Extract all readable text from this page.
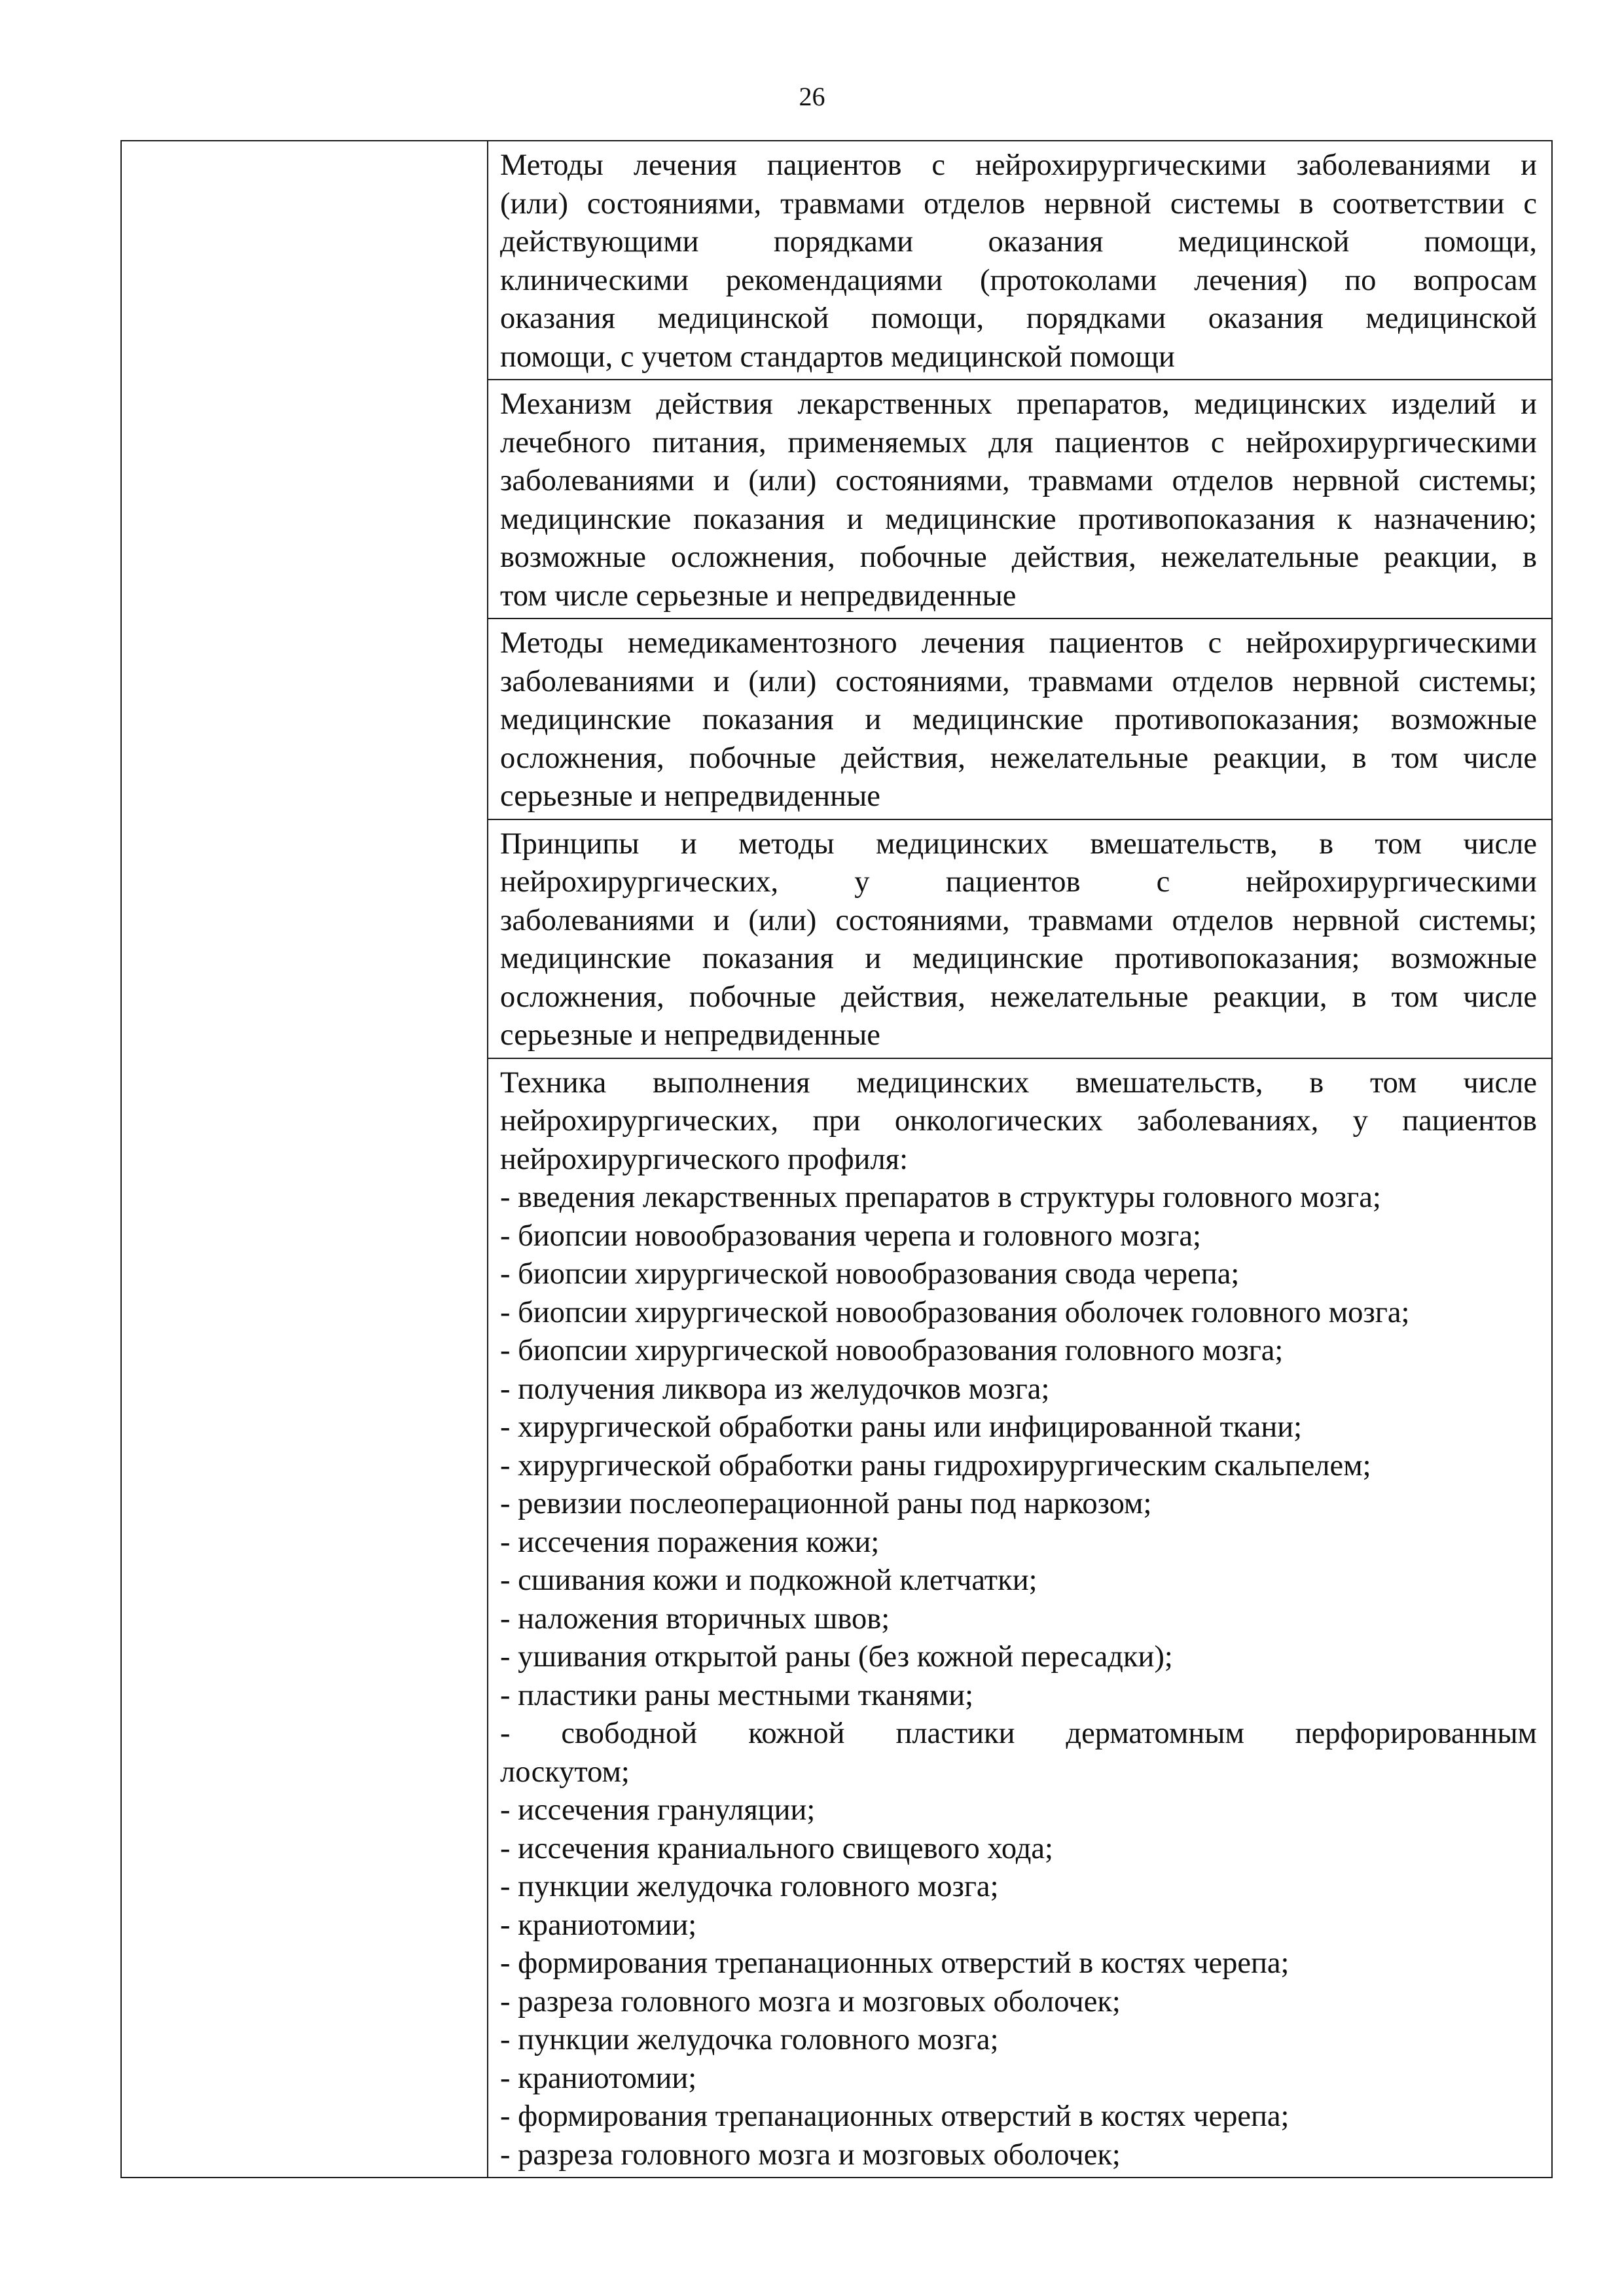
26

Методы лечения пациентов с нейрохирургическими заболеваниями и
(или) состояниями, травмами отделов нервной системы в соответствии с
действующими порядками оказания медицинской помощи,
клиническими рекомендациями (протоколами лечения) по вопросам
оказания медицинской помощи, порядками оказания медицинской
помощи, с учетом стандартов медицинской помощи

Механизм действия лекарственных препаратов, медицинских изделий и
лечебного питания, применяемых для пациентов с нейрохирургическими
заболеваниями и (или) состояниями, травмами отделов нервной системы;
медицинские показания и медицинские противопоказания к назначению;
возможные осложнения, побочные действия, нежелательные реакции, в
том числе серьезные и непредвиденные

Методы немедикаментозного лечения пациентов с нейрохирургическими
заболеваниями и (или) состояниями, травмами отделов нервной системы;
медицинские показания и медицинские противопоказания; возможные
осложнения, побочные действия, нежелательные реакции, в том числе
серьезные и непредвиденные

Принципы и методы медицинских вмешательств, в том числе
нейрохирургических, у пациентов с нейрохирургическими
заболеваниями и (или) состояниями, травмами отделов нервной системы;
медицинские показания и медицинские противопоказания; возможные
осложнения, побочные действия, нежелательные реакции, в том числе
серьезные и непредвиденные

Техника выполнения медицинских вмешательств, в том числе
нейрохирургических, при онкологических заболеваниях, у пациентов
нейрохирургического профиля:
- введения лекарственных препаратов в структуры головного мозга;
- биопсии новообразования черепа и головного мозга;
- биопсии хирургической новообразования свода черепа;
- биопсии хирургической новообразования оболочек головного мозга;
- биопсии хирургической новообразования головного мозга;
- получения ликвора из желудочков мозга;
- хирургической обработки раны или инфицированной ткани;
- хирургической обработки раны гидрохирургическим скальпелем;
- ревизии послеоперационной раны под наркозом;
- иссечения поражения кожи;
- сшивания кожи и подкожной клетчатки;
- наложения вторичных швов;
- ушивания открытой раны (без кожной пересадки);
- пластики раны местными тканями;
- свободной кожной пластики дерматомным перфорированным
лоскутом;
- иссечения грануляции;
- иссечения краниального свищевого хода;
- пункции желудочка головного мозга;
- краниотомии;
- формирования трепанационных отверстий в костях черепа;
- разреза головного мозга и мозговых оболочек;
- пункции желудочка головного мозга;
- краниотомии;
- формирования трепанационных отверстий в костях черепа;
- разреза головного мозга и мозговых оболочек;
